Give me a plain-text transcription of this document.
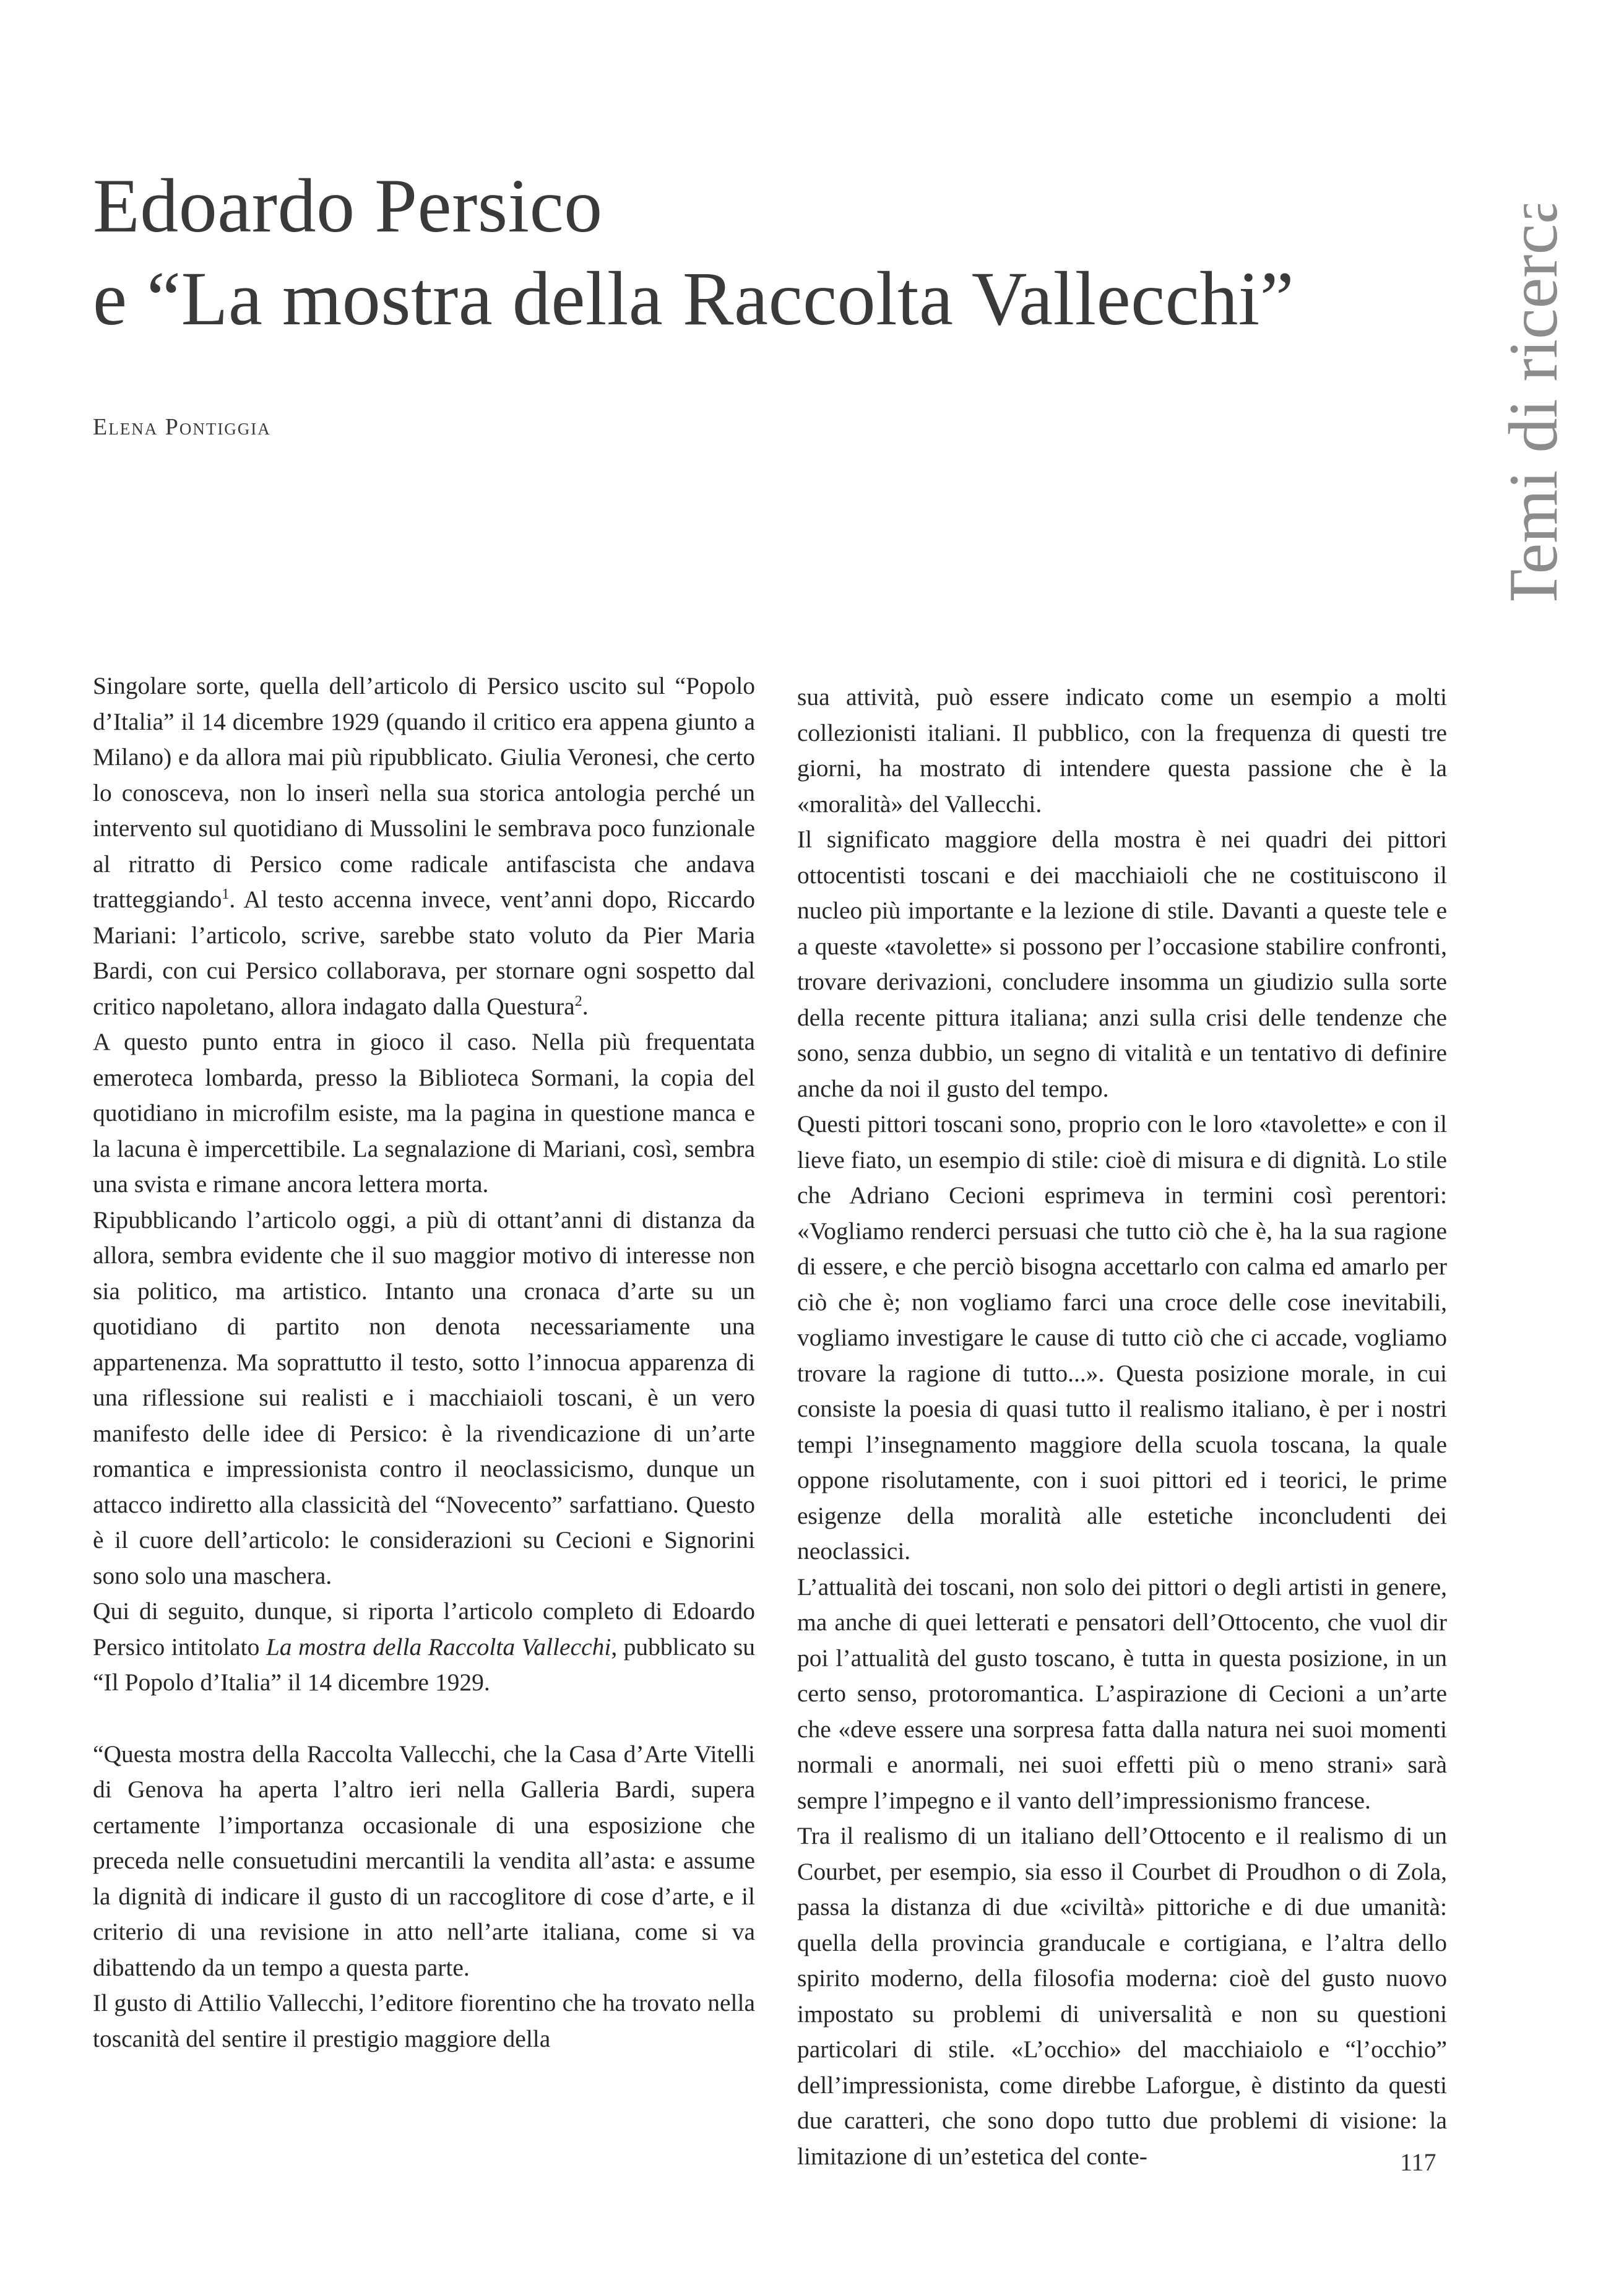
Edoardo Persico
e “La mostra della Raccolta Vallecchi”
Elena Pontiggia	Temi di ricerca

Singolare sorte, quella dell’articolo di Persico uscito sul “Popolo d’Italia” il 14 dicembre 1929 (quando il critico era appena giunto a Milano) e da allora mai più ripubblicato. Giulia Veronesi, che certo lo conosceva, non lo inserì nella sua storica antologia perché un intervento sul quotidiano di Mussolini le sembrava poco funzionale al ritratto di Persico come radicale antifascista che andava tratteggiando$^1$. Al testo accenna invece, vent’anni dopo, Riccardo Mariani: l’articolo, scrive, sarebbe stato voluto da Pier Maria Bardi, con cui Persico collaborava, per stornare ogni sospetto dal critico napoletano, allora indagato dalla Questura$^2$.

A questo punto entra in gioco il caso. Nella più frequentata emeroteca lombarda, presso la Biblioteca Sormani, la copia del quotidiano in microfilm esiste, ma la pagina in questione manca e la lacuna è impercettibile. La segnalazione di Mariani, così, sembra una svista e rimane ancora lettera morta.

Ripubblicando l’articolo oggi, a più di ottant’anni di distanza da allora, sembra evidente che il suo maggior motivo di interesse non sia politico, ma artistico. Intanto una cronaca d’arte su un quotidiano di partito non denota necessariamente una appartenenza. Ma soprattutto il testo, sotto l’innocua apparenza di una riflessione sui realisti e i macchiaioli toscani, è un vero manifesto delle idee di Persico: è la rivendicazione di un’arte romantica e impressionista contro il neoclassicismo, dunque un attacco indiretto alla classicità del “Novecento” sarfattiano. Questo è il cuore dell’articolo: le considerazioni su Cecioni e Signorini sono solo una maschera.

Qui di seguito, dunque, si riporta l’articolo completo di Edoardo Persico intitolato La mostra della Raccolta Vallecchi, pubblicato su “Il Popolo d’Italia” il 14 dicembre 1929.

“Questa mostra della Raccolta Vallecchi, che la Casa d’Arte Vitelli di Genova ha aperta l’altro ieri nella Galleria Bardi, supera certamente l’importanza occasionale di una esposizione che preceda nelle consuetudini mercantili la vendita all’asta: e assume la dignità di indicare il gusto di un raccoglitore di cose d’arte, e il criterio di una revisione in atto nell’arte italiana, come si va dibattendo da un tempo a questa parte.

Il gusto di Attilio Vallecchi, l’editore fiorentino che ha trovato nella toscanità del sentire il prestigio maggiore della

sua attività, può essere indicato come un esempio a molti collezionisti italiani. Il pubblico, con la frequenza di questi tre giorni, ha mostrato di intendere questa passione che è la «moralità» del Vallecchi.

Il significato maggiore della mostra è nei quadri dei pittori ottocentisti toscani e dei macchiaioli che ne costituiscono il nucleo più importante e la lezione di stile. Davanti a queste tele e a queste «tavolette» si possono per l’occasione stabilire confronti, trovare derivazioni, concludere insomma un giudizio sulla sorte della recente pittura italiana; anzi sulla crisi delle tendenze che sono, senza dubbio, un segno di vitalità e un tentativo di definire anche da noi il gusto del tempo.

Questi pittori toscani sono, proprio con le loro «tavolette» e con il lieve fiato, un esempio di stile: cioè di misura e di dignità. Lo stile che Adriano Cecioni esprimeva in termini così perentori: «Vogliamo renderci persuasi che tutto ciò che è, ha la sua ragione di essere, e che perciò bisogna accettarlo con calma ed amarlo per ciò che è; non vogliamo farci una croce delle cose inevitabili, vogliamo investigare le cause di tutto ciò che ci accade, vogliamo trovare la ragione di tutto...». Questa posizione morale, in cui consiste la poesia di quasi tutto il realismo italiano, è per i nostri tempi l’insegnamento maggiore della scuola toscana, la quale oppone risolutamente, con i suoi pittori ed i teorici, le prime esigenze della moralità alle estetiche inconcludenti dei neoclassici.

L’attualità dei toscani, non solo dei pittori o degli artisti in genere, ma anche di quei letterati e pensatori dell’Ottocento, che vuol dir poi l’attualità del gusto toscano, è tutta in questa posizione, in un certo senso, protoromantica. L’aspirazione di Cecioni a un’arte che «deve essere una sorpresa fatta dalla natura nei suoi momenti normali e anormali, nei suoi effetti più o meno strani» sarà sempre l’impegno e il vanto dell’impressionismo francese.

Tra il realismo di un italiano dell’Ottocento e il realismo di un Courbet, per esempio, sia esso il Courbet di Proudhon o di Zola, passa la distanza di due «civiltà» pittoriche e di due umanità: quella della provincia granducale e cortigiana, e l’altra dello spirito moderno, della filosofia moderna: cioè del gusto nuovo impostato su problemi di universalità e non su questioni particolari di stile. «L’occhio» del macchiaiolo e “l’occhio” dell’impressionista, come direbbe Laforgue, è distinto da questi due caratteri, che sono dopo tutto due problemi di visione: la limitazione di un’estetica del conte-	117
